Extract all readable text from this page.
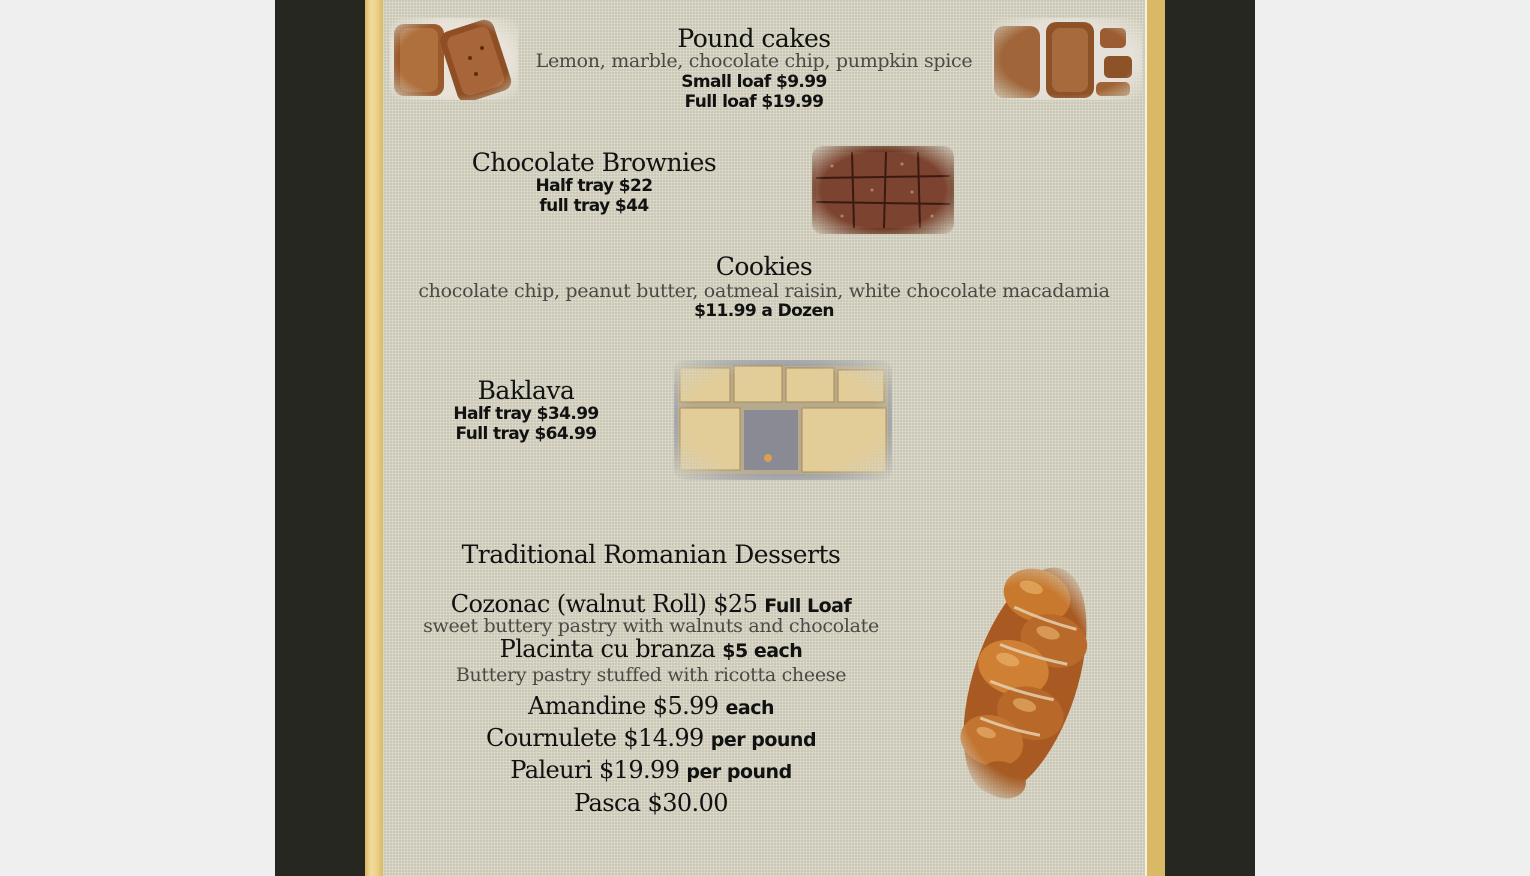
Pound cakes
Lemon, marble, chocolate chip, pumpkin spice
Small loaf $9.99
Full loaf $19.99
Chocolate Brownies
Half tray $22
full tray $44
Cookies
chocolate chip, peanut butter, oatmeal raisin, white chocolate macadamia
$11.99 a Dozen
Baklava
Half tray $34.99
Full tray $64.99
Traditional Romanian Desserts
Cozonac (walnut Roll) $25 Full Loaf
sweet buttery pastry with walnuts and chocolate
Placinta cu branza $5 each
Buttery pastry stuffed with ricotta cheese
Amandine $5.99 each
Cournulete $14.99 per pound
Paleuri $19.99 per pound
Pasca $30.00
